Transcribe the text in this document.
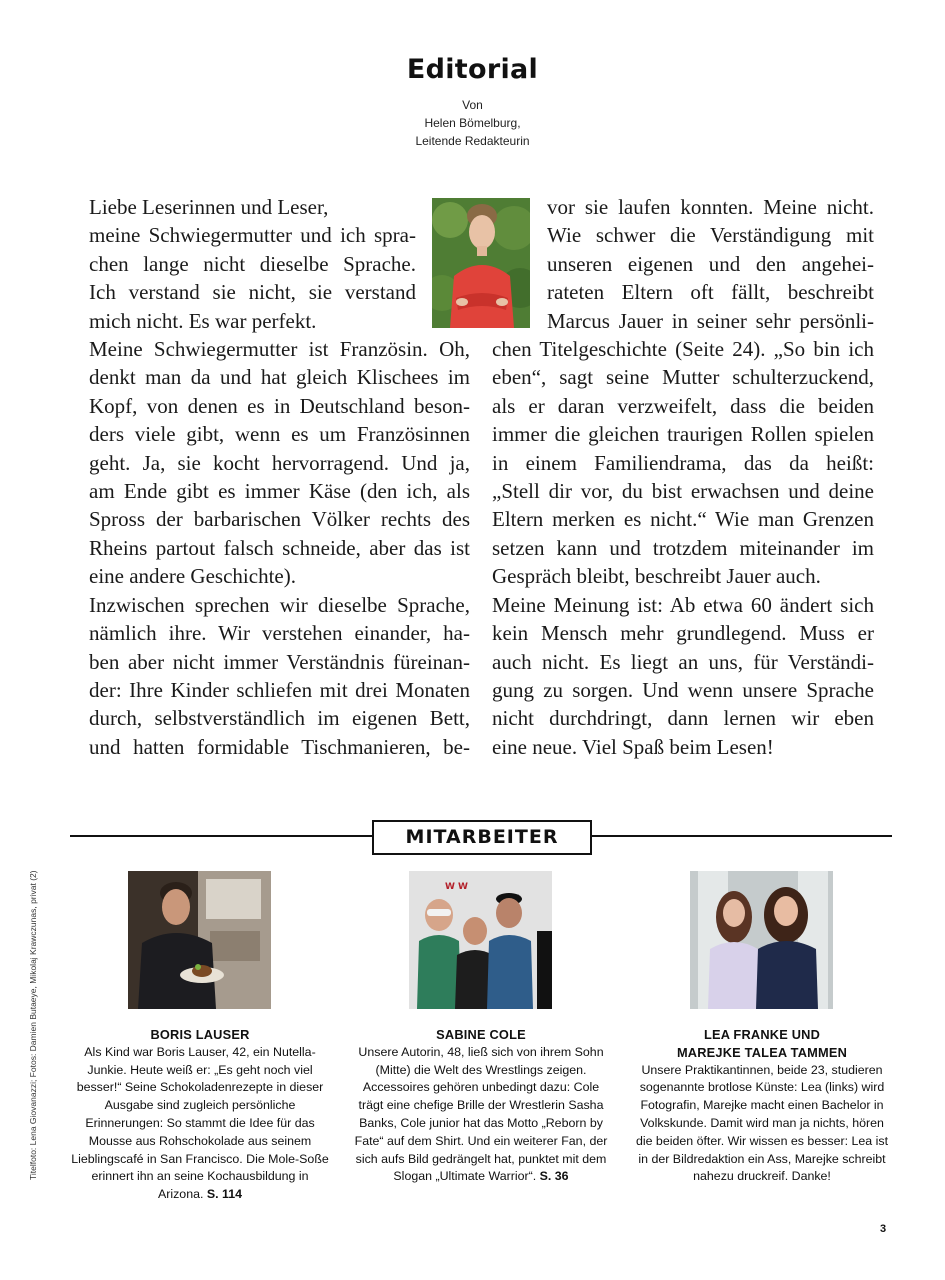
Editorial
Von
Helen Bömelburg,
Leitende Redakteurin
Liebe Leserinnen und Leser,
meine Schwiegermutter und ich spra-
chen lange nicht dieselbe Sprache.
Ich verstand sie nicht, sie verstand
mich nicht. Es war perfekt.
Meine Schwiegermutter ist Französin. Oh,
denkt man da und hat gleich Klischees im
Kopf, von denen es in Deutschland beson-
ders viele gibt, wenn es um Französinnen
geht. Ja, sie kocht hervorragend. Und ja,
am Ende gibt es immer Käse (den ich, als
Spross der barbarischen Völker rechts des
Rheins partout falsch schneide, aber das ist
eine andere Geschichte).
Inzwischen sprechen wir dieselbe Sprache,
nämlich ihre. Wir verstehen einander, ha-
ben aber nicht immer Verständnis füreinan-
der: Ihre Kinder schliefen mit drei Monaten
durch, selbstverständlich im eigenen Bett,
und hatten formidable Tischmanieren, be-
vor sie laufen konnten. Meine nicht.
Wie schwer die Verständigung mit
unseren eigenen und den angehei-
rateten Eltern oft fällt, beschreibt
Marcus Jauer in seiner sehr persönli-
chen Titelgeschichte (Seite 24). „So bin ich
eben“, sagt seine Mutter schulterzuckend,
als er daran verzweifelt, dass die beiden
immer die gleichen traurigen Rollen spielen
in einem Familiendrama, das da heißt:
„Stell dir vor, du bist erwachsen und deine
Eltern merken es nicht.“ Wie man Grenzen
setzen kann und trotzdem miteinander im
Gespräch bleibt, beschreibt Jauer auch.
Meine Meinung ist: Ab etwa 60 ändert sich
kein Mensch mehr grundlegend. Muss er
auch nicht. Es liegt an uns, für Verständi-
gung zu sorgen. Und wenn unsere Sprache
nicht durchdringt, dann lernen wir eben
eine neue. Viel Spaß beim Lesen!
MITARBEITER
Titelfoto: Lena Giovanazzi; Fotos: Damien Butaeye, Mikolaj Krawczunas, privat (2)	W W
BORIS LAUSER

Als Kind war Boris Lauser, 42, ein Nutella-Junkie. Heute weiß er: „Es geht noch viel besser!“ Seine Schokoladenrezepte in dieser Ausgabe sind zugleich persönliche Erinnerungen: So stammt die Idee für das Mousse aus Rohschokolade aus seinem Lieblingscafé in San Francisco. Die Mole-Soße erinnert ihn an seine Kochausbildung in Arizona. S. 114

SABINE COLE

Unsere Autorin, 48, ließ sich von ihrem Sohn (Mitte) die Welt des Wrestlings zeigen. Accessoires gehören unbedingt dazu: Cole trägt eine chefige Brille der Wrestlerin Sasha Banks, Cole junior hat das Motto „Reborn by Fate“ auf dem Shirt. Und ein weiterer Fan, der sich aufs Bild gedrängelt hat, punktet mit dem Slogan „Ultimate Warrior“. S. 36

LEA FRANKE UND
MAREJKE TALEA TAMMEN

Unsere Praktikantinnen, beide 23, studieren sogenannte brotlose Künste: Lea (links) wird Fotografin, Marejke macht einen Bachelor in Volkskunde. Damit wird man ja nichts, hören die beiden öfter. Wir wissen es besser: Lea ist in der Bildredaktion ein Ass, Marejke schreibt nahezu druckreif. Danke!

3
